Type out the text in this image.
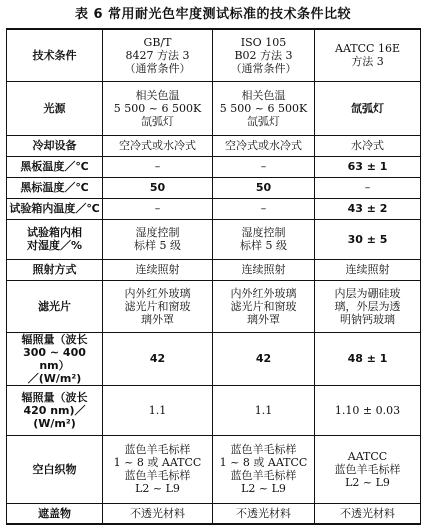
表 6 常用耐光色牢度测试标准的技术条件比较
技术条件	GB/T
8427 方法 3
（通常条件）	ISO 105
B02 方法 3
（通常条件）	AATCC 16E
方法 3
光源	相关色温
5 500 ~ 6 500K
氙弧灯	相关色温
5 500 ~ 6 500K
氙弧灯	氙弧灯
冷却设备	空冷式或水冷式	空冷式或水冷式	水冷式
黑板温度／℃	–	–	63 ± 1
黑标温度／℃	50	50	–
试验箱内温度／℃	–	–	43 ± 2
试验箱内相
对湿度／%	湿度控制
标样 5 级	湿度控制
标样 5 级	30 ± 5
照射方式	连续照射	连续照射	连续照射
滤光片	内外红外玻璃
滤光片和窗玻
璃外罩	内外红外玻璃
滤光片和窗玻
璃外罩	内层为硼硅玻
璃，外层为透
明钠钙玻璃
辐照量（波长
300 ~ 400 nm）
／(W/m²)	42	42	48 ± 1
辐照量（波长
420 nm)／
(W/m²)	1.1	1.1	1.10 ± 0.03
空白织物	蓝色羊毛标样
1 ~ 8 或 AATCC
蓝色羊毛标样
L2 ~ L9	蓝色羊毛标样
1 ~ 8 或 AATCC
蓝色羊毛标样
L2 ~ L9	AATCC
蓝色羊毛标样
L2 ~ L9
遮盖物	不透光材料	不透光材料	不透光材料
